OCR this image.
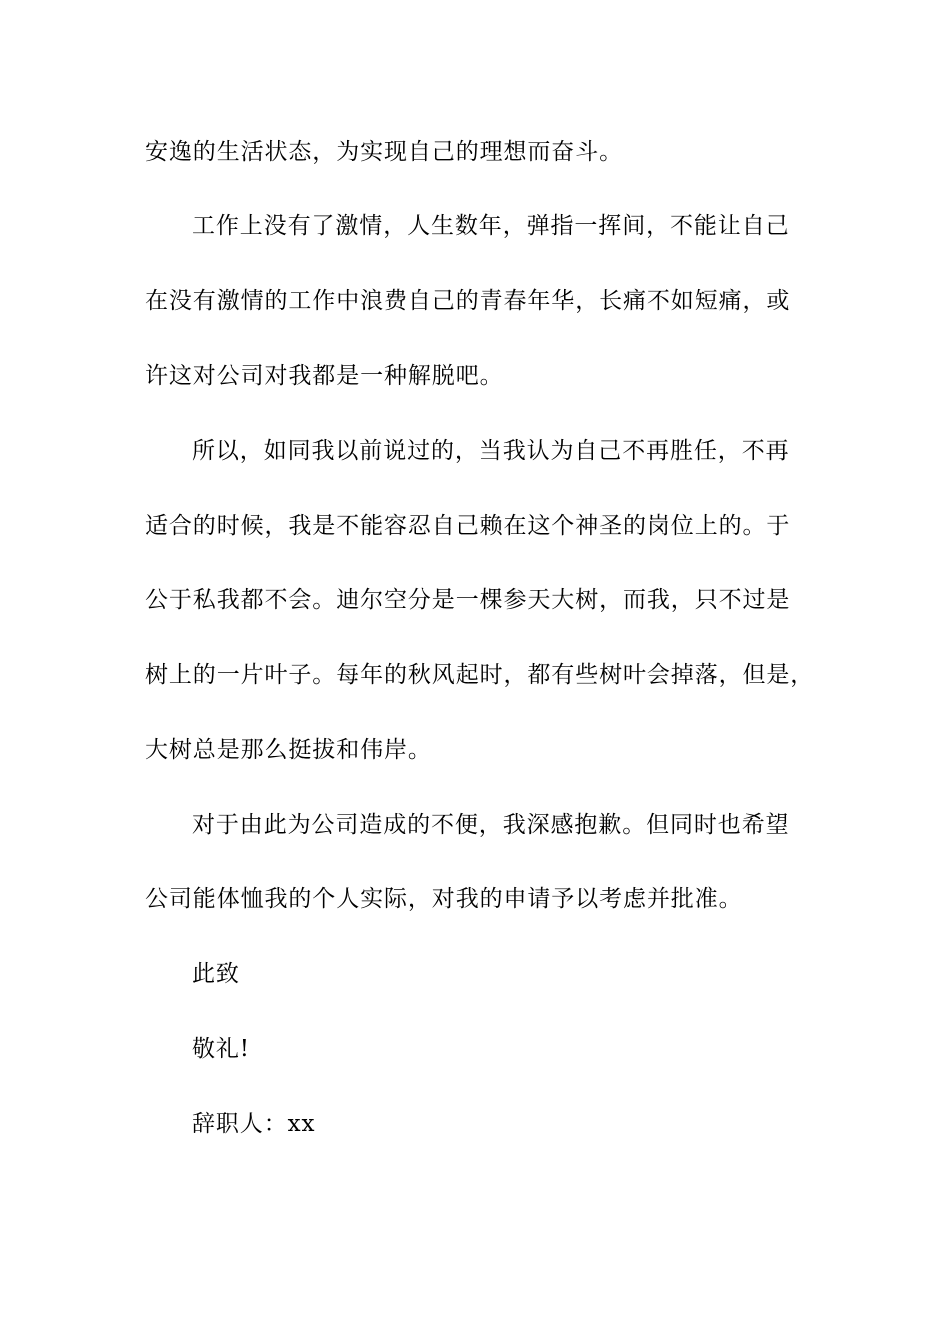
安逸的生活状态，为实现自己的理想而奋斗。
工作上没有了激情，人生数年，弹指一挥间，不能让自己
在没有激情的工作中浪费自己的青春年华，长痛不如短痛，或
许这对公司对我都是一种解脱吧。
所以，如同我以前说过的，当我认为自己不再胜任，不再
适合的时候，我是不能容忍自己赖在这个神圣的岗位上的。于
公于私我都不会。迪尔空分是一棵参天大树，而我，只不过是
树上的一片叶子。每年的秋风起时，都有些树叶会掉落，但是，
大树总是那么挺拔和伟岸。
对于由此为公司造成的不便，我深感抱歉。但同时也希望
公司能体恤我的个人实际，对我的申请予以考虑并批准。
此致
敬礼!
辞职人：xx
